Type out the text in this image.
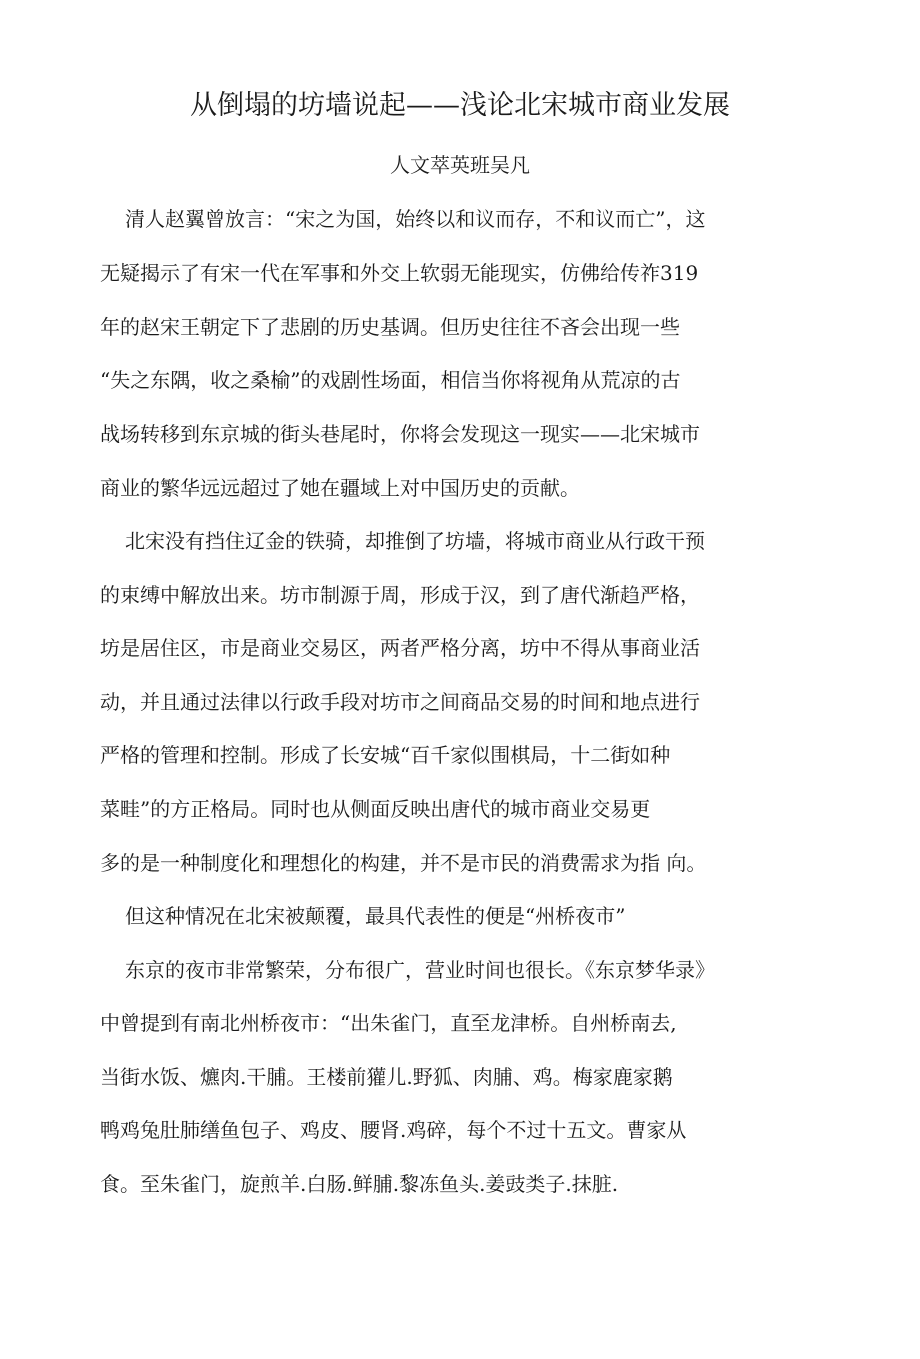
从倒塌的坊墙说起——浅论北宋城市商业发展
人文萃英班吴凡
清人赵翼曾放言：“宋之为国，始终以和议而存，不和议而亡”，这
无疑揭示了有宋一代在军事和外交上软弱无能现实，仿佛给传祚319
年的赵宋王朝定下了悲剧的历史基调。但历史往往不吝会出现一些
“失之东隅，收之桑榆”的戏剧性场面，相信当你将视角从荒凉的古
战场转移到东京城的街头巷尾时，你将会发现这一现实——北宋城市
商业的繁华远远超过了她在疆域上对中国历史的贡献。
北宋没有挡住辽金的铁骑，却推倒了坊墙，将城市商业从行政干预
的束缚中解放出来。坊市制源于周，形成于汉，到了唐代渐趋严格，
坊是居住区，市是商业交易区，两者严格分离，坊中不得从事商业活
动，并且通过法律以行政手段对坊市之间商品交易的时间和地点进行
严格的管理和控制。形成了长安城“百千家似围棋局，十二街如种
菜畦”的方正格局。同时也从侧面反映出唐代的城市商业交易更
多的是一种制度化和理想化的构建，并不是市民的消费需求为指 向。
但这种情况在北宋被颠覆，最具代表性的便是“州桥夜市”
东京的夜市非常繁荣，分布很广，营业时间也很长。《东京梦华录》
中曾提到有南北州桥夜市：“出朱雀门，直至龙津桥。自州桥南去,
当街水饭、爊肉.干脯。王楼前獾儿.野狐、肉脯、鸡。梅家鹿家鹅
鸭鸡兔肚肺缮鱼包子、鸡皮、腰肾.鸡碎，每个不过十五文。曹家从
食。至朱雀门，旋煎羊.白肠.鲜脯.黎冻鱼头.姜豉类子.抹脏.
